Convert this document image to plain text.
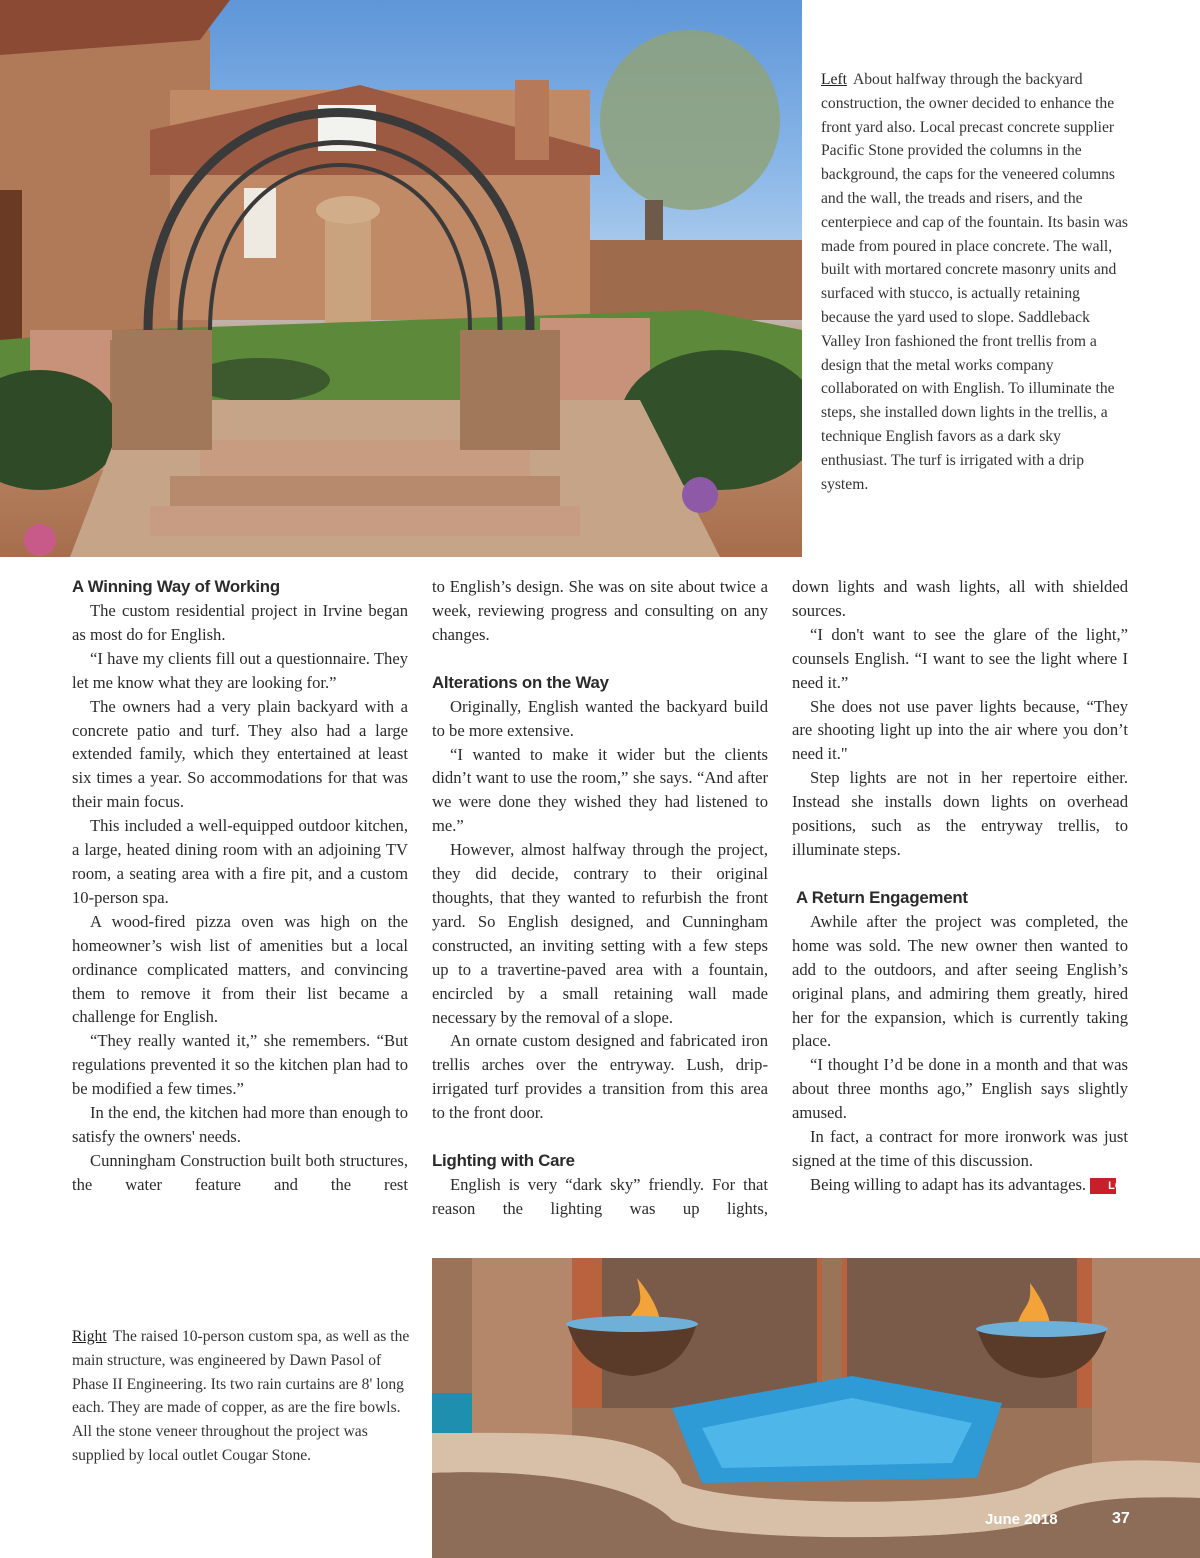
Left About halfway through the backyard construction, the owner decided to enhance the front yard also. Local precast concrete supplier Pacific Stone provided the columns in the background, the caps for the veneered columns and the wall, the treads and risers, and the centerpiece and cap of the fountain. Its basin was made from poured in place concrete. The wall, built with mortared concrete masonry units and surfaced with stucco, is actually retaining because the yard used to slope. Saddleback Valley Iron fashioned the front trellis from a design that the metal works company collaborated on with English. To illuminate the steps, she installed down lights in the trellis, a technique English favors as a dark sky enthusiast. The turf is irrigated with a drip system.
A Winning Way of Working

The custom residential project in Irvine began as most do for English.

“I have my clients fill out a questionnaire. They let me know what they are looking for.”

The owners had a very plain backyard with a concrete patio and turf. They also had a large extended family, which they entertained at least six times a year. So accommodations for that was their main focus.

This included a well-equipped outdoor kitchen, a large, heated dining room with an adjoining TV room, a seating area with a fire pit, and a custom 10-person spa.

A wood-fired pizza oven was high on the homeowner’s wish list of amenities but a local ordinance complicated matters, and convincing them to remove it from their list became a challenge for English.

“They really wanted it,” she remembers. “But regulations prevented it so the kitchen plan had to be modified a few times.”

In the end, the kitchen had more than enough to satisfy the owners' needs.

Cunningham Construction built both structures, the water feature and the rest

to English’s design. She was on site about twice a week, reviewing progress and consulting on any changes.

Alterations on the Way

Originally, English wanted the backyard build to be more extensive.

“I wanted to make it wider but the clients didn’t want to use the room,” she says. “And after we were done they wished they had listened to me.”

However, almost halfway through the project, they did decide, contrary to their original thoughts, that they wanted to refurbish the front yard. So English designed, and Cunningham constructed, an inviting setting with a few steps up to a travertine-paved area with a fountain, encircled by a small retaining wall made necessary by the removal of a slope.

An ornate custom designed and fabricated iron trellis arches over the entryway. Lush, drip-irrigated turf provides a transition from this area to the front door.

Lighting with Care

English is very “dark sky” friendly. For that reason the lighting was up lights,

down lights and wash lights, all with shielded sources.

“I don't want to see the glare of the light,” counsels English. “I want to see the light where I need it.”

She does not use paver lights because, “They are shooting light up into the air where you don’t need it."

Step lights are not in her repertoire either. Instead she installs down lights on overhead positions, such as the entryway trellis, to illuminate steps.

A Return Engagement

Awhile after the project was completed, the home was sold. The new owner then wanted to add to the outdoors, and after seeing English’s original plans, and admiring them greatly, hired her for the expansion, which is currently taking place.

“I thought I’d be done in a month and that was about three months ago,” English says slightly amused.

In fact, a contract for more ironwork was just signed at the time of this discussion.

Being willing to adapt has its advantages. LC

Right The raised 10-person custom spa, as well as the main structure, was engineered by Dawn Pasol of Phase II Engineering. Its two rain curtains are 8' long each. They are made of copper, as are the fire bowls. All the stone veneer throughout the project was supplied by local outlet Cougar Stone.
June 2018	37
